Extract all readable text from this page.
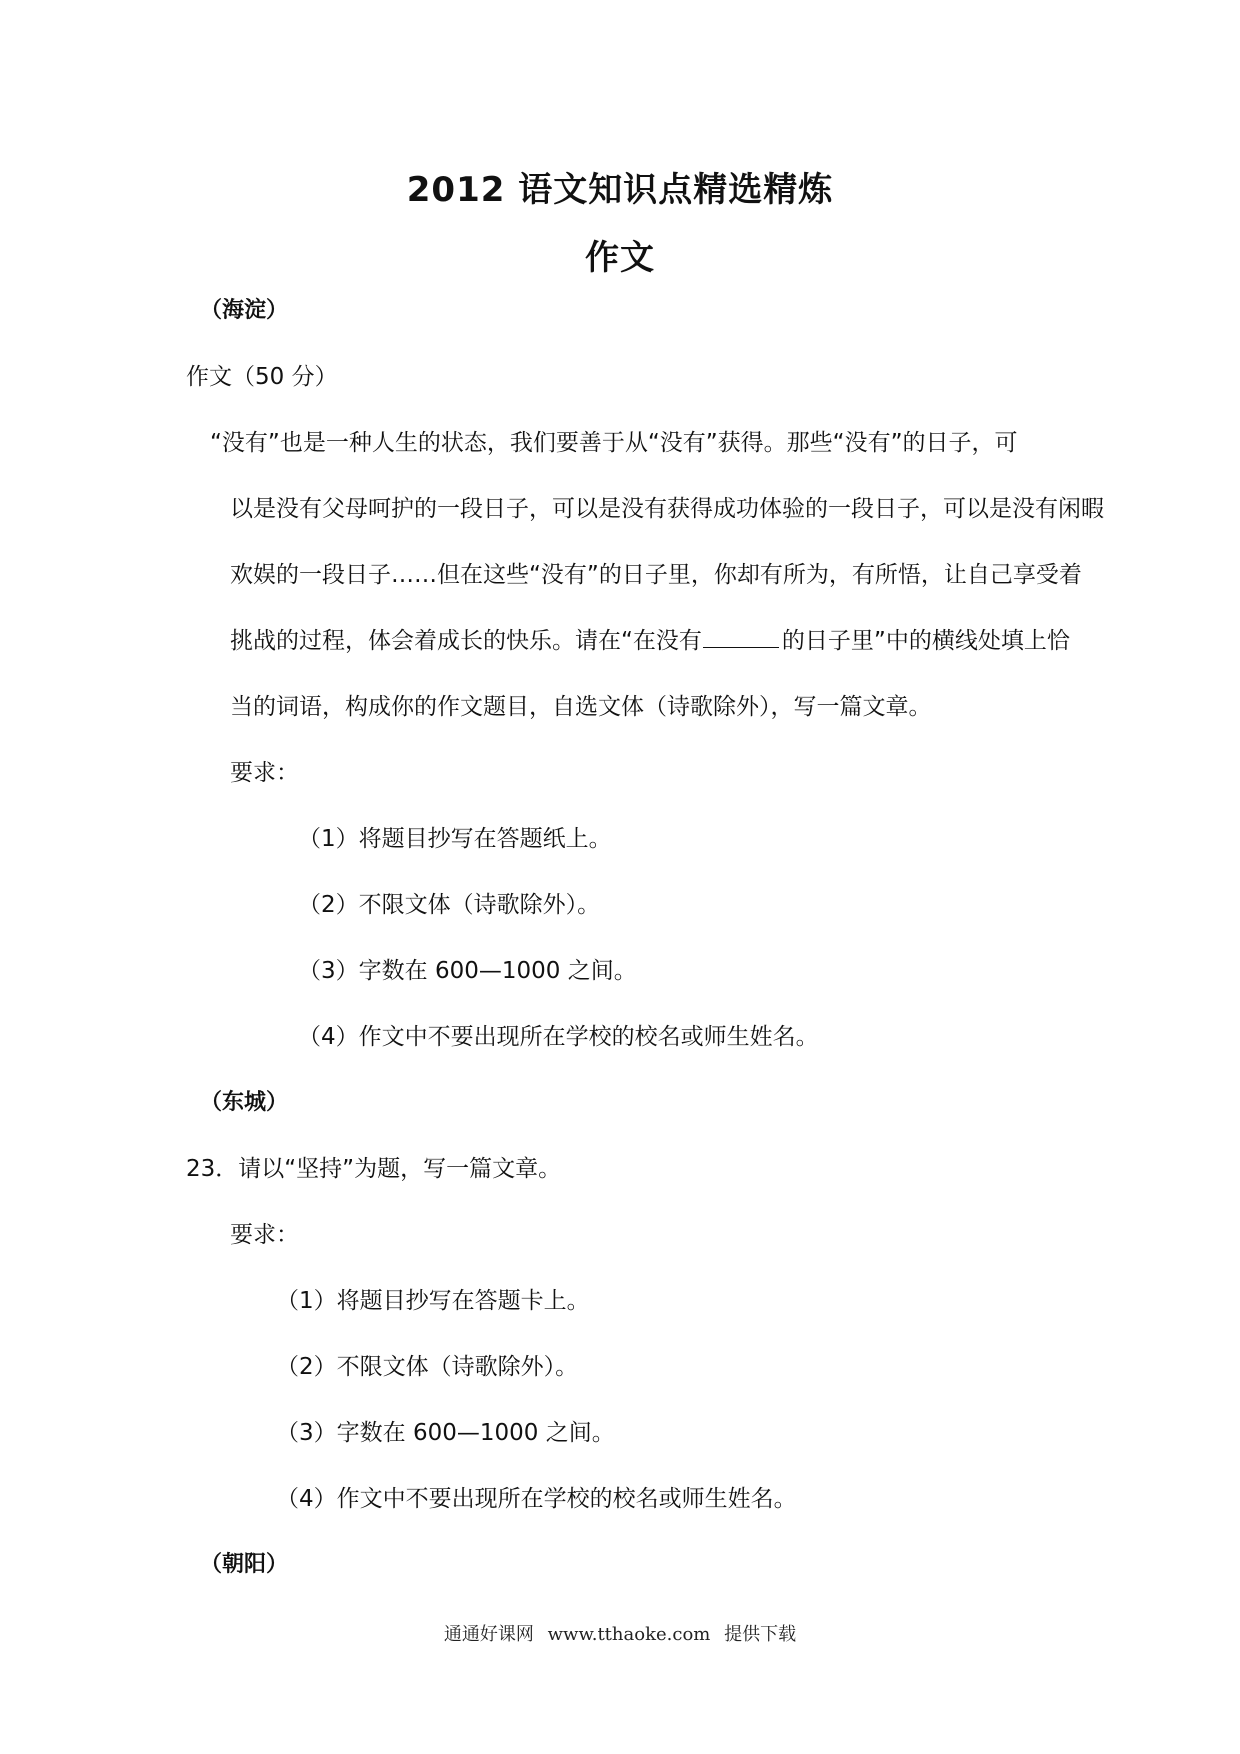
2012 语文知识点精选精炼
作文
（海淀）
作文（50 分）
“没有”也是一种人生的状态，我们要善于从“没有”获得。那些“没有”的日子，可
以是没有父母呵护的一段日子，可以是没有获得成功体验的一段日子，可以是没有闲暇
欢娱的一段日子……但在这些“没有”的日子里，你却有所为，有所悟，让自己享受着
挑战的过程，体会着成长的快乐。请在“在没有	的日子里”中的横线处填上恰
当的词语，构成你的作文题目，自选文体（诗歌除外），写一篇文章。
要求：
（1）将题目抄写在答题纸上。
（2）不限文体（诗歌除外）。
（3）字数在 600—1000 之间。
（4）作文中不要出现所在学校的校名或师生姓名。
（东城）
23．请以“坚持”为题，写一篇文章。
要求：
（1）将题目抄写在答题卡上。
（2）不限文体（诗歌除外）。
（3）字数在 600—1000 之间。
（4）作文中不要出现所在学校的校名或师生姓名。
（朝阳）
通通好课网 www.tthaoke.com 提供下载
